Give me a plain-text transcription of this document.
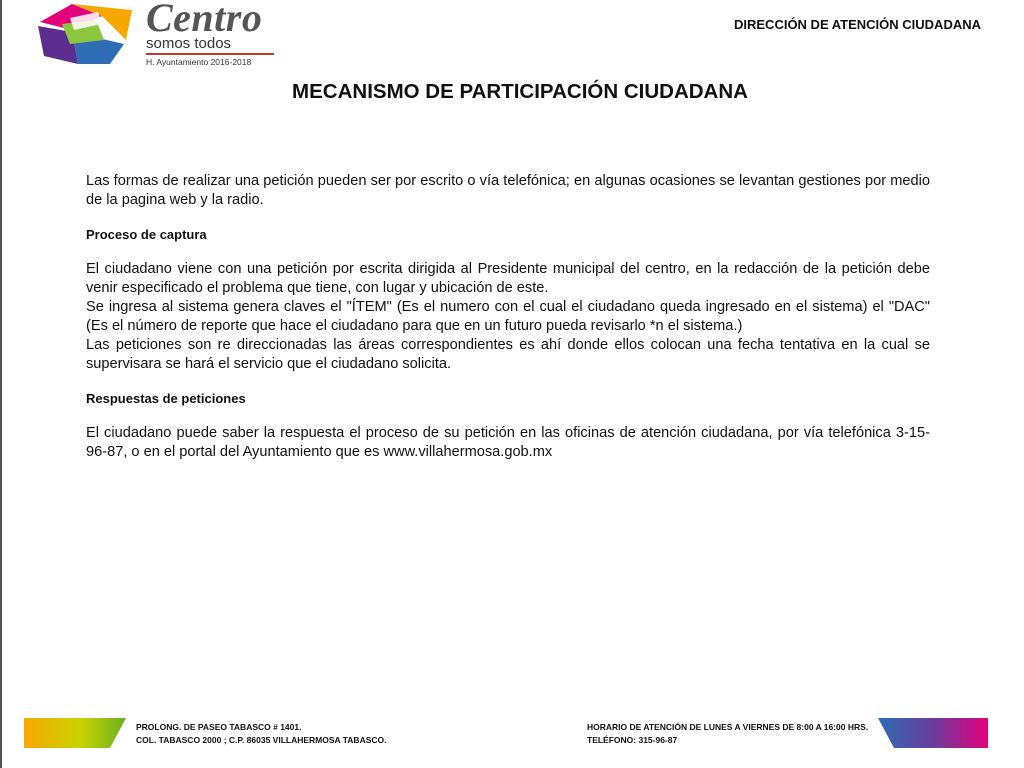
Centro
somos todos
H. Ayuntamiento 2016-2018
DIRECCIÓN DE ATENCIÓN CIUDADANA
MECANISMO DE PARTICIPACIÓN CIUDADANA

Las formas de realizar una petición pueden ser por escrito o vía telefónica; en algunas ocasiones se levantan gestiones por medio de la pagina web y la radio.

Proceso de captura

El ciudadano viene con una petición por escrita dirigida al Presidente municipal del centro, en la redacción de la petición debe venir especificado el problema que tiene, con lugar y ubicación de este.

Se ingresa al sistema genera claves el "ÍTEM" (Es el numero con el cual el ciudadano queda ingresado en el sistema) el "DAC"(Es el número de reporte que hace el ciudadano para que en un futuro pueda revisarlo *n el sistema.)

Las peticiones son re direccionadas las áreas correspondientes es ahí donde ellos colocan una fecha tentativa en la cual se supervisara se hará el servicio que el ciudadano solicita.

Respuestas de peticiones

El ciudadano puede saber la respuesta el proceso de su petición en las oficinas de atención ciudadana, por vía telefónica 3-15-96-87, o en el portal del Ayuntamiento que es www.villahermosa.gob.mx

PROLONG. DE PASEO TABASCO # 1401.
COL. TABASCO 2000 ; C.P. 86035 VILLAHERMOSA TABASCO.
HORARIO DE ATENCIÓN DE LUNES A VIERNES DE 8:00 A 16:00 HRS.
TELÉFONO: 315-96-87
